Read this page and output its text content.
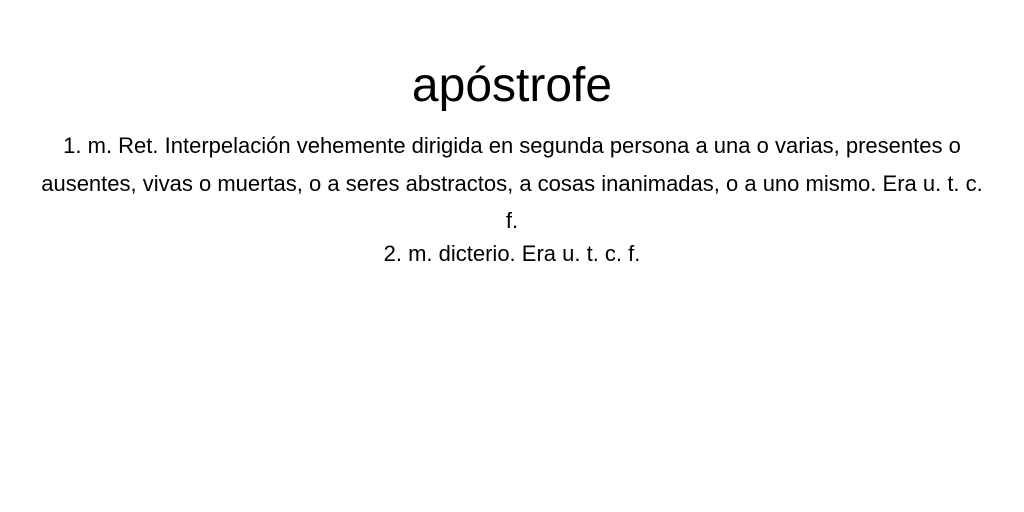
apóstrofe

1. m. Ret. Interpelación vehemente dirigida en segunda persona a una o varias, presentes o ausentes, vivas o muertas, o a seres abstractos, a cosas inanimadas, o a uno mismo. Era u. t. c. f.

2. m. dicterio. Era u. t. c. f.
